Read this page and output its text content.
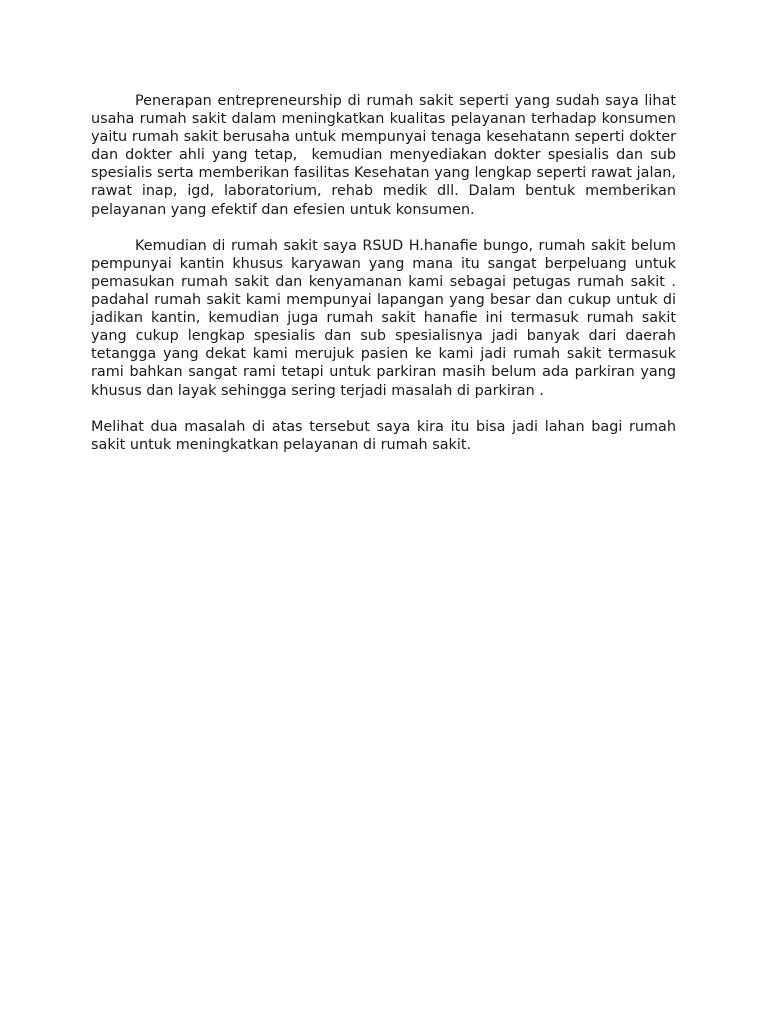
Penerapan entrepreneurship di rumah sakit seperti yang sudah saya lihat usaha rumah sakit dalam meningkatkan kualitas pelayanan terhadap konsumen yaitu rumah sakit berusaha untuk mempunyai tenaga kesehatann seperti dokter dan dokter ahli yang tetap,  kemudian menyediakan dokter spesialis dan sub spesialis serta memberikan fasilitas Kesehatan yang lengkap seperti rawat jalan, rawat inap, igd, laboratorium, rehab medik dll. Dalam bentuk memberikan pelayanan yang efektif dan efesien untuk konsumen.

Kemudian di rumah sakit saya RSUD H.hanafie bungo, rumah sakit belum pempunyai kantin khusus karyawan yang mana itu sangat berpeluang untuk pemasukan rumah sakit dan kenyamanan kami sebagai petugas rumah sakit . padahal rumah sakit kami mempunyai lapangan yang besar dan cukup untuk di jadikan kantin, kemudian juga rumah sakit hanafie ini termasuk rumah sakit yang cukup lengkap spesialis dan sub spesialisnya jadi banyak dari daerah tetangga yang dekat kami merujuk pasien ke kami jadi rumah sakit termasuk rami bahkan sangat rami tetapi untuk parkiran masih belum ada parkiran yang khusus dan layak sehingga sering terjadi masalah di parkiran .

Melihat dua masalah di atas tersebut saya kira itu bisa jadi lahan bagi rumah sakit untuk meningkatkan pelayanan di rumah sakit.
